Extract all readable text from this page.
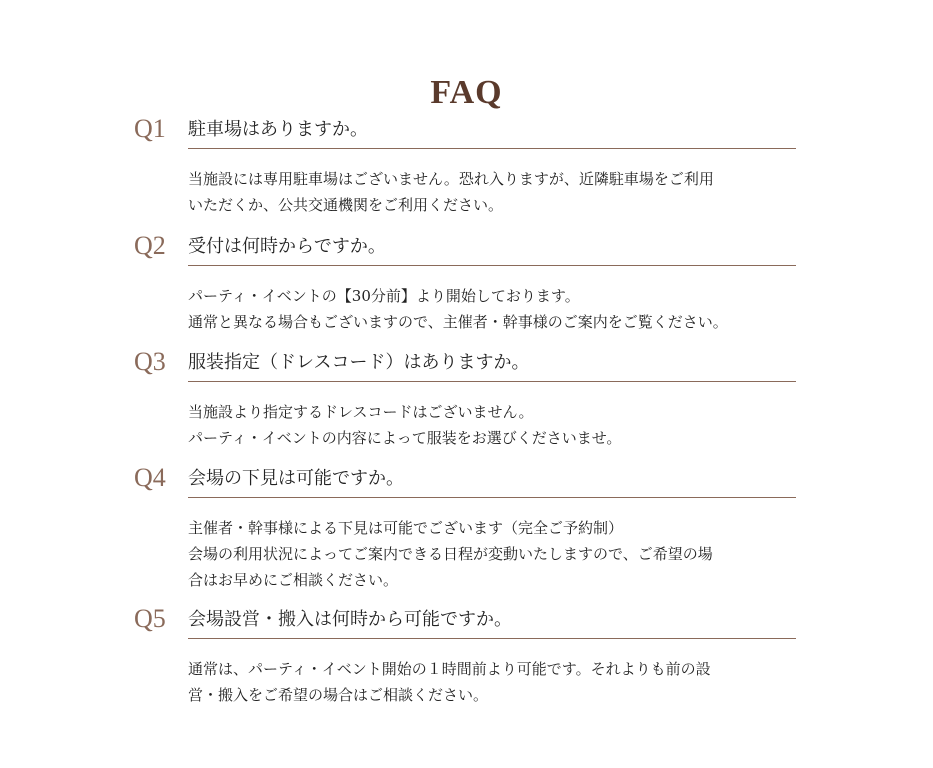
FAQ
Q1 駐車場はありますか。
当施設には専用駐車場はございません。恐れ入りますが、近隣駐車場をご利用
いただくか、公共交通機関をご利用ください。
Q2 受付は何時からですか。
パーティ・イベントの【30分前】より開始しております。
通常と異なる場合もございますので、主催者・幹事様のご案内をご覧ください。
Q3 服装指定（ドレスコード）はありますか。
当施設より指定するドレスコードはございません。
パーティ・イベントの内容によって服装をお選びくださいませ。
Q4 会場の下見は可能ですか。
主催者・幹事様による下見は可能でございます（完全ご予約制）
会場の利用状況によってご案内できる日程が変動いたしますので、ご希望の場
合はお早めにご相談ください。
Q5 会場設営・搬入は何時から可能ですか。
通常は、パーティ・イベント開始の１時間前より可能です。それよりも前の設
営・搬入をご希望の場合はご相談ください。
